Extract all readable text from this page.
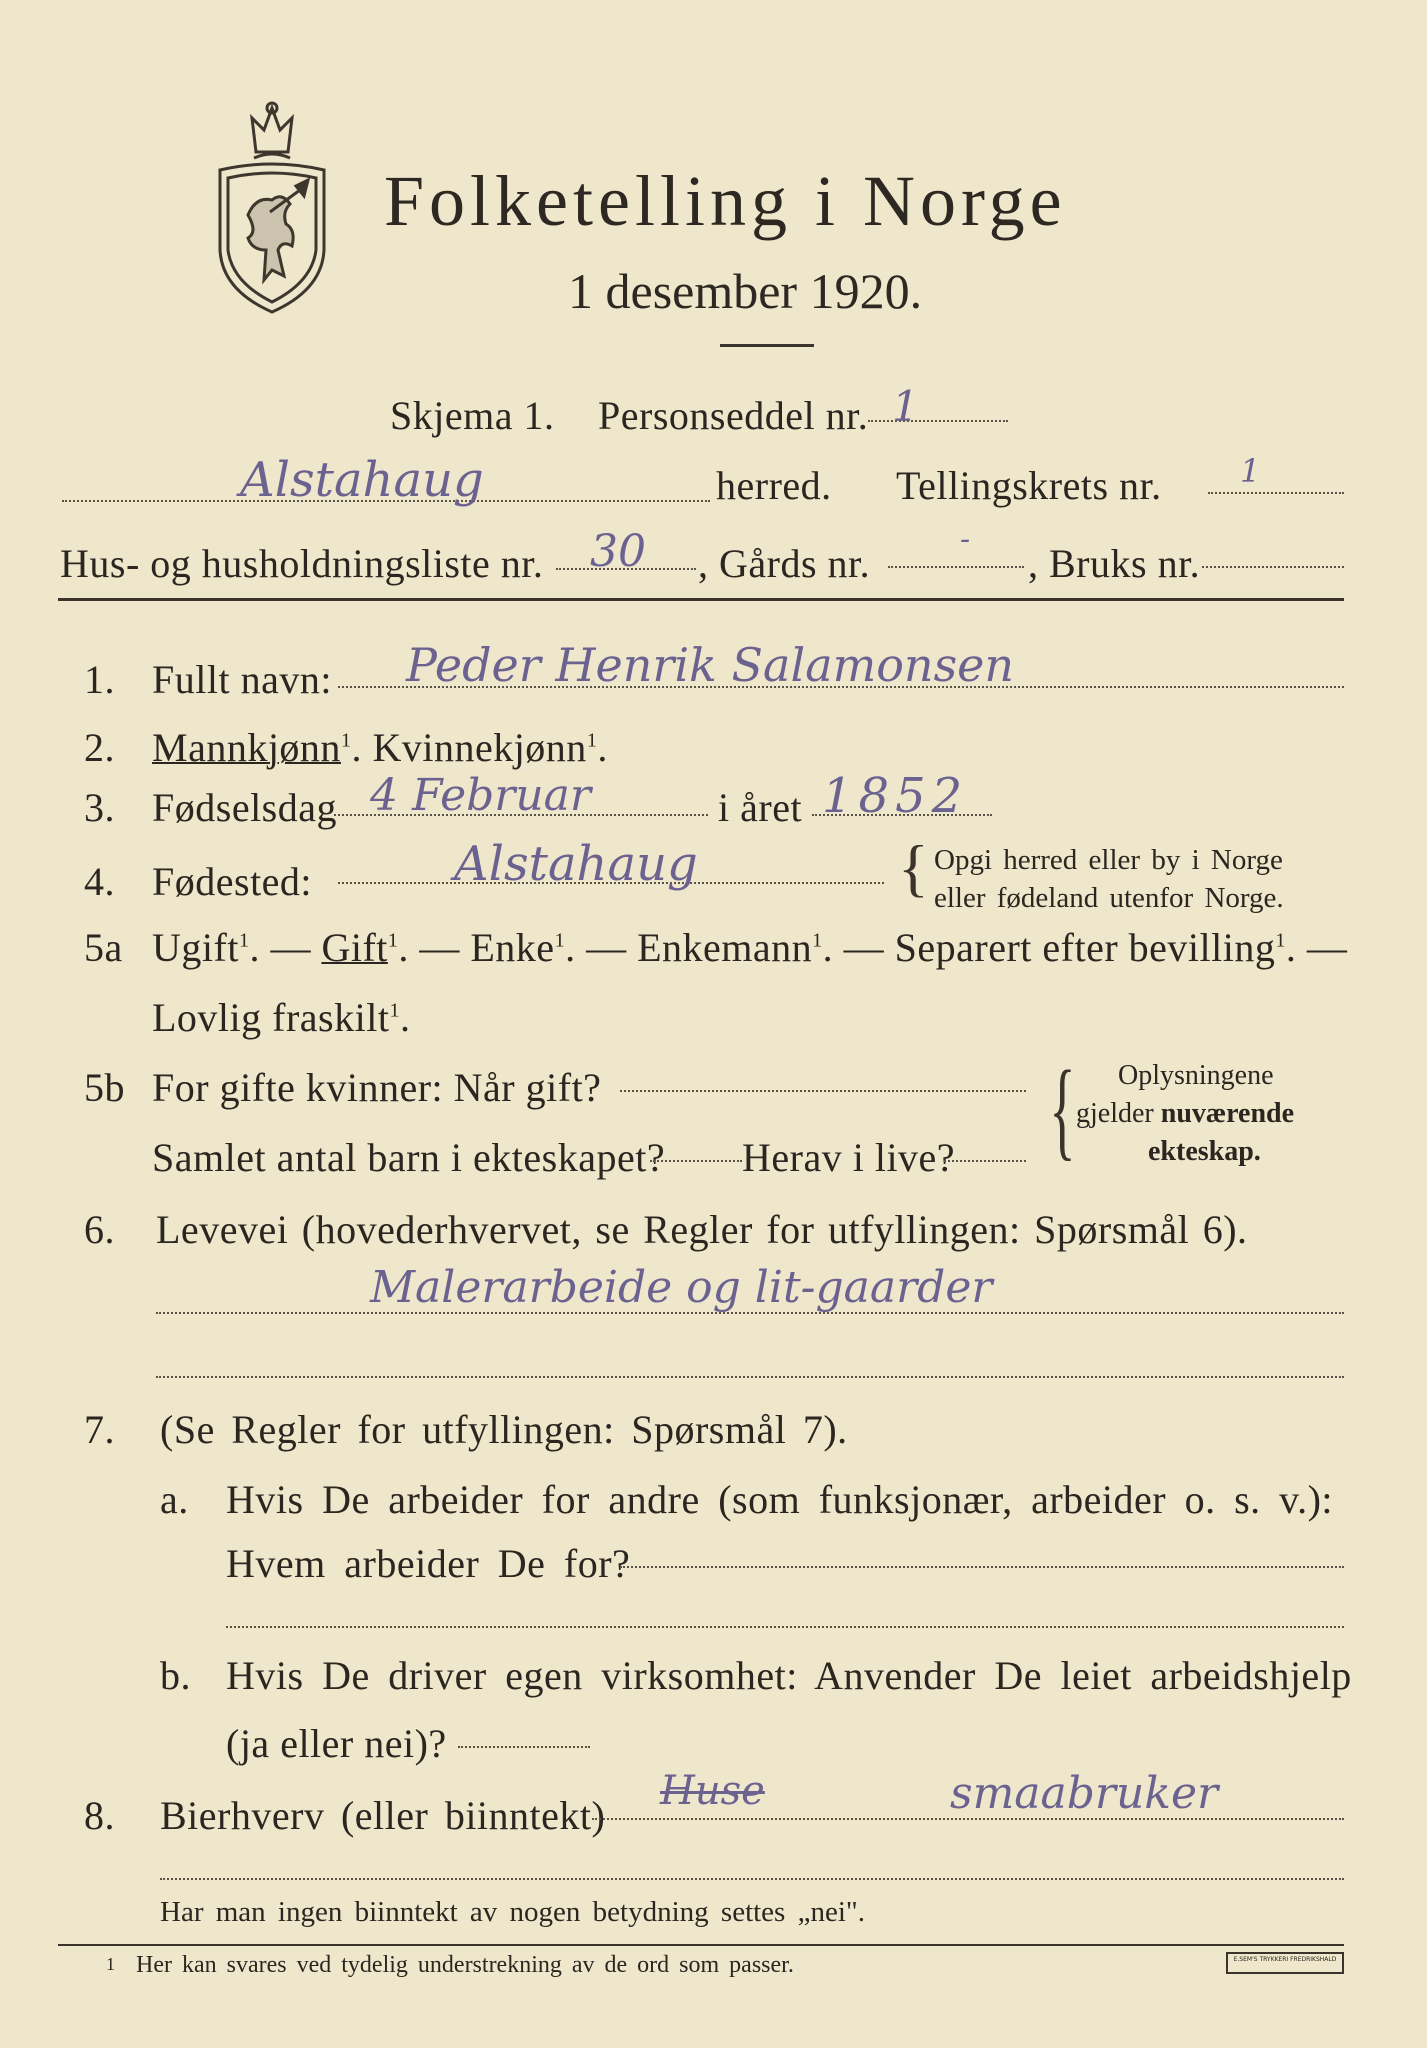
Folketelling i Norge
1 desember 1920.
Skjema 1. Personseddel nr. 1
Alstahaug	herred. Tellingskrets nr. 1
Hus- og husholdningsliste nr. 30 , Gårds nr.
-
, Bruks nr.
1. Fullt navn: Peder Henrik Salamonsen
2. Mannkjønn$^1$. Kvinnekjønn$^1$.
3. Fødselsdag 4 Februar	i året 1852
4. Fødested:	Alstahaug	{ Opgi herred eller by i Norge
eller fødeland utenfor Norge.
5a Ugift$^1$. — Gift$^1$. — Enke$^1$. — Enkemann$^1$. — Separert efter bevilling$^1$. —
Lovlig fraskilt$^1$.
5b For gifte kvinner: Når gift?
Samlet antal barn i ekteskapet? Herav i live? { Oplysningene
gjelder nuværende
ekteskap.
6. Levevei (hovederhvervet, se Regler for utfyllingen: Spørsmål 6).
Malerarbeide og lit-gaarder
7. (Se Regler for utfyllingen: Spørsmål 7).
a. Hvis De arbeider for andre (som funksjonær, arbeider o. s. v.):
Hvem arbeider De for?
b. Hvis De driver egen virksomhet: Anvender De leiet arbeidshjelp
(ja eller nei)?
8. Bierhverv (eller biinntekt)
Huse	smaabruker
Har man ingen biinntekt av nogen betydning settes „nei".
1 Her kan svares ved tydelig understrekning av de ord som passer.	E.SEM'S TRYKKERI FREDRIKSHALD
